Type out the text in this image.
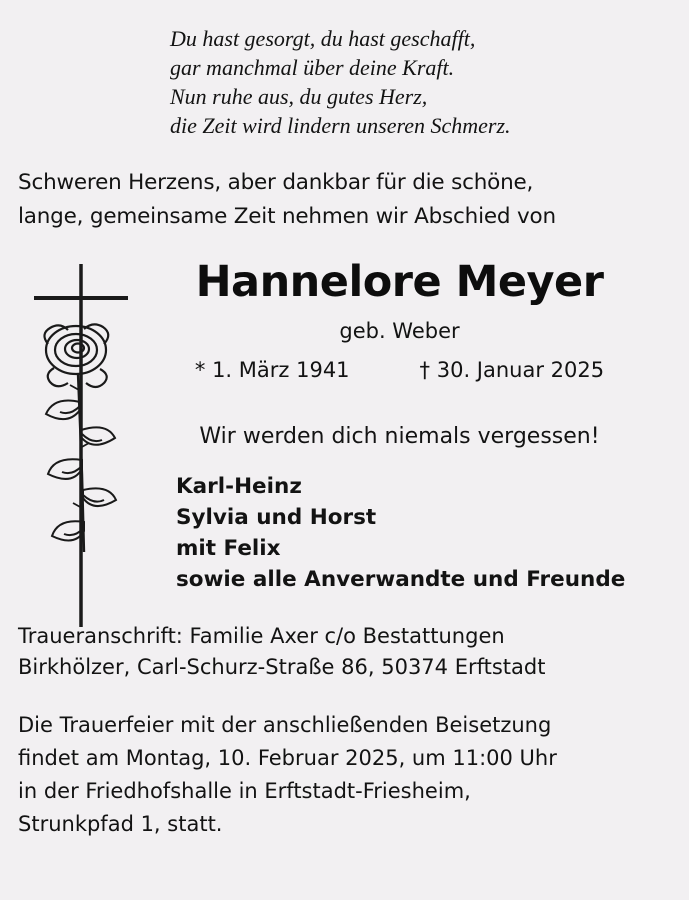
Du hast gesorgt, du hast geschafft,
gar manchmal über deine Kraft.
Nun ruhe aus, du gutes Herz,
die Zeit wird lindern unseren Schmerz.
Schweren Herzens, aber dankbar für die schöne,
lange, gemeinsame Zeit nehmen wir Abschied von
Hannelore Meyer
geb. Weber
* 1. März 1941	† 30. Januar 2025
Wir werden dich niemals vergessen!
Karl-Heinz
Sylvia und Horst
mit Felix
sowie alle Anverwandte und Freunde
Traueranschrift: Familie Axer c/o Bestattungen
Birkhölzer, Carl-Schurz-Straße 86, 50374 Erftstadt
Die Trauerfeier mit der anschließenden Beisetzung
findet am Montag, 10. Februar 2025, um 11:00 Uhr
in der Friedhofshalle in Erftstadt-Friesheim,
Strunkpfad 1, statt.
